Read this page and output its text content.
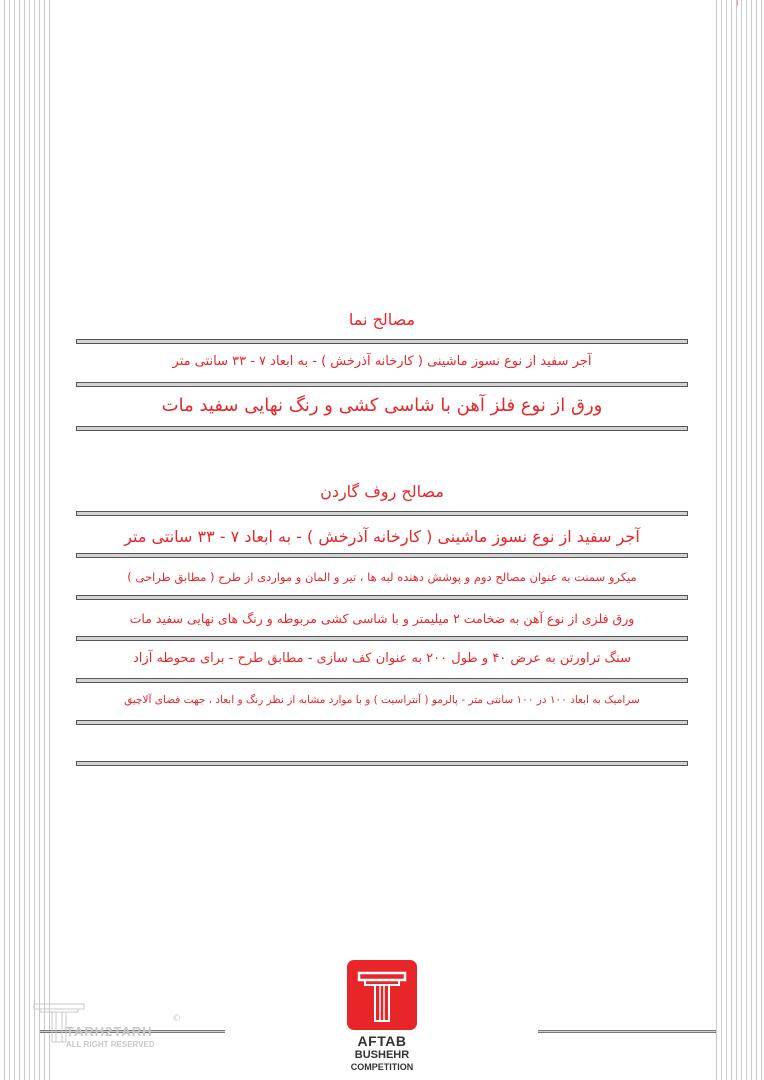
مصالح نما
آجر سفید از نوع نسوز ماشینی ( کارخانه آذرخش ) - به ابعاد ۷ - ۳۳ سانتی متر
ورق از نوع فلز آهن با شاسی کشی و رنگ نهایی سفید مات
مصالح روف گاردن
آجر سفید از نوع نسوز ماشینی ( کارخانه آذرخش ) - به ابعاد ۷ - ۳۳ سانتی متر
میکرو سمنت به عنوان مصالح دوم و پوشش دهنده لبه ها ، تیر و المان و مواردی از طرح ( مطابق طراحی )
ورق فلزی از نوع آهن به ضخامت ۲ میلیمتر و با شاسی کشی مربوطه و رنگ های نهایی سفید مات
سنگ تراورتن به عرض ۴۰ و طول ۲۰۰ به عنوان کف سازی - مطابق طرح - برای محوطه آزاد
سرامیک به ابعاد ۱۰۰ در ۱۰۰ سانتی متر - پالرمو ( آنتراسیت ) و با موارد مشابه از نظر رنگ و ابعاد ، جهت فضای آلاچیق
TARH2TARH
©
ALL RIGHT RESERVED	AFTAB
BUSHEHR
COMPETITION
